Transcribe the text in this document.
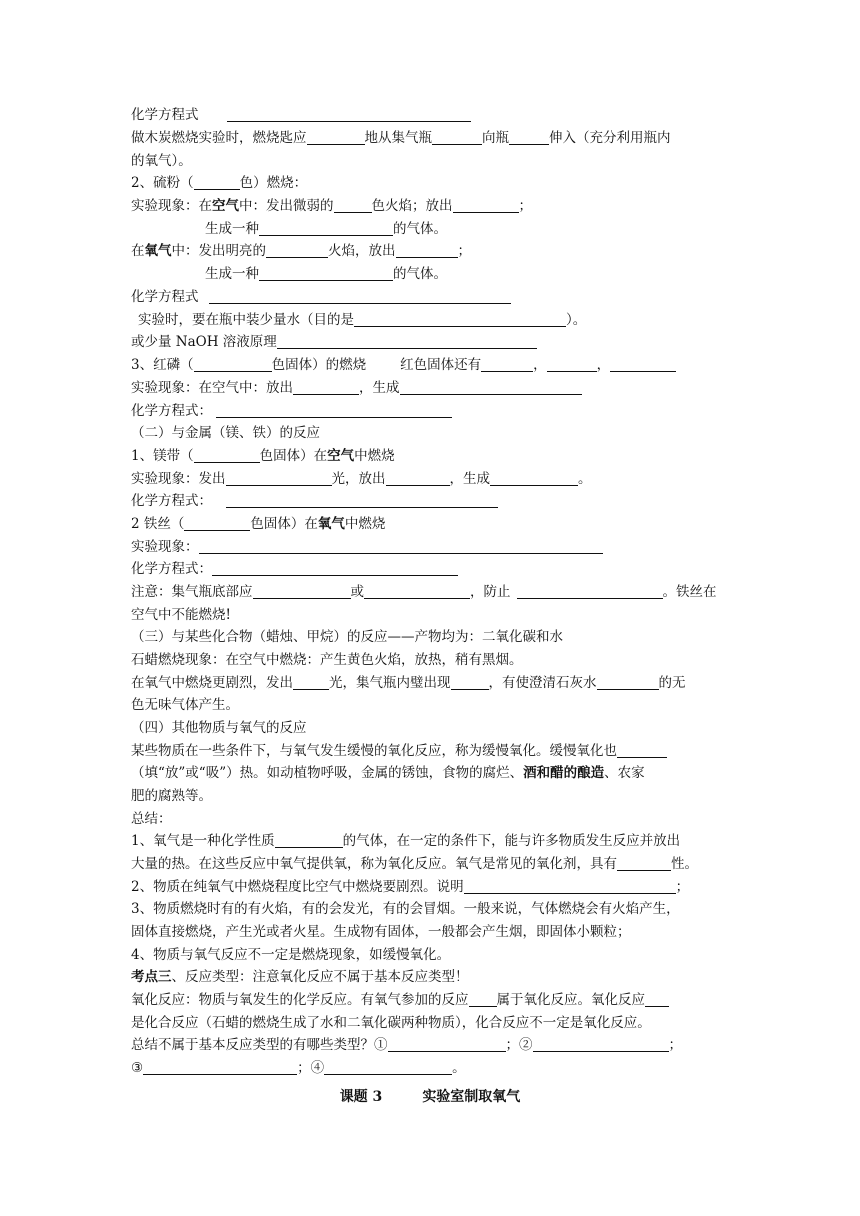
化学方程式
做木炭燃烧实验时，燃烧匙应	地从集气瓶	向瓶	伸入（充分利用瓶内
的氧气）。
2、硫粉（	色）燃烧：
实验现象：在空气中：发出微弱的	色火焰；放出	；
生成一种	的气体。
在氧气中：发出明亮的	火焰，放出	；
生成一种	的气体。
化学方程式
实验时，要在瓶中装少量水（目的是	）。
或少量 NaOH 溶液原理
3、红磷（	色固体）的燃烧	红色固体还有	，	，
实验现象：在空气中：放出	，生成
化学方程式：
（二）与金属（镁、铁）的反应
1、镁带（	色固体）在空气中燃烧
实验现象：发出	光，放出	，生成	。
化学方程式：
2 铁丝（	色固体）在氧气中燃烧
实验现象：
化学方程式：
注意：集气瓶底部应	或	，防止	。铁丝在
空气中不能燃烧!
（三）与某些化合物（蜡烛、甲烷）的反应——产物均为：二氧化碳和水
石蜡燃烧现象：在空气中燃烧：产生黄色火焰，放热，稍有黑烟。
在氧气中燃烧更剧烈，发出	光，集气瓶内璧出现	，有使澄清石灰水	的无
色无味气体产生。
（四）其他物质与氧气的反应
某些物质在一些条件下，与氧气发生缓慢的氧化反应，称为缓慢氧化。缓慢氧化也
（填“放”或“吸”）热。如动植物呼吸，金属的锈蚀，食物的腐烂、酒和醋的酿造、农家
肥的腐熟等。
总结：
1、氧气是一种化学性质	的气体，在一定的条件下，能与许多物质发生反应并放出
大量的热。在这些反应中氧气提供氧，称为氧化反应。氧气是常见的氧化剂，具有	性。
2、物质在纯氧气中燃烧程度比空气中燃烧要剧烈。说明	；
3、物质燃烧时有的有火焰，有的会发光，有的会冒烟。一般来说，气体燃烧会有火焰产生，
固体直接燃烧，产生光或者火星。生成物有固体，一般都会产生烟，即固体小颗粒；
4、物质与氧气反应不一定是燃烧现象，如缓慢氧化。
考点三、反应类型：注意氧化反应不属于基本反应类型！
氧化反应：物质与氧发生的化学反应。有氧气参加的反应 属于氧化反应。氧化反应
是化合反应（石蜡的燃烧生成了水和二氧化碳两种物质），化合反应不一定是氧化反应。
总结不属于基本反应类型的有哪些类型？①	；②	；
③	；④	。
课题 3	实验室制取氧气
